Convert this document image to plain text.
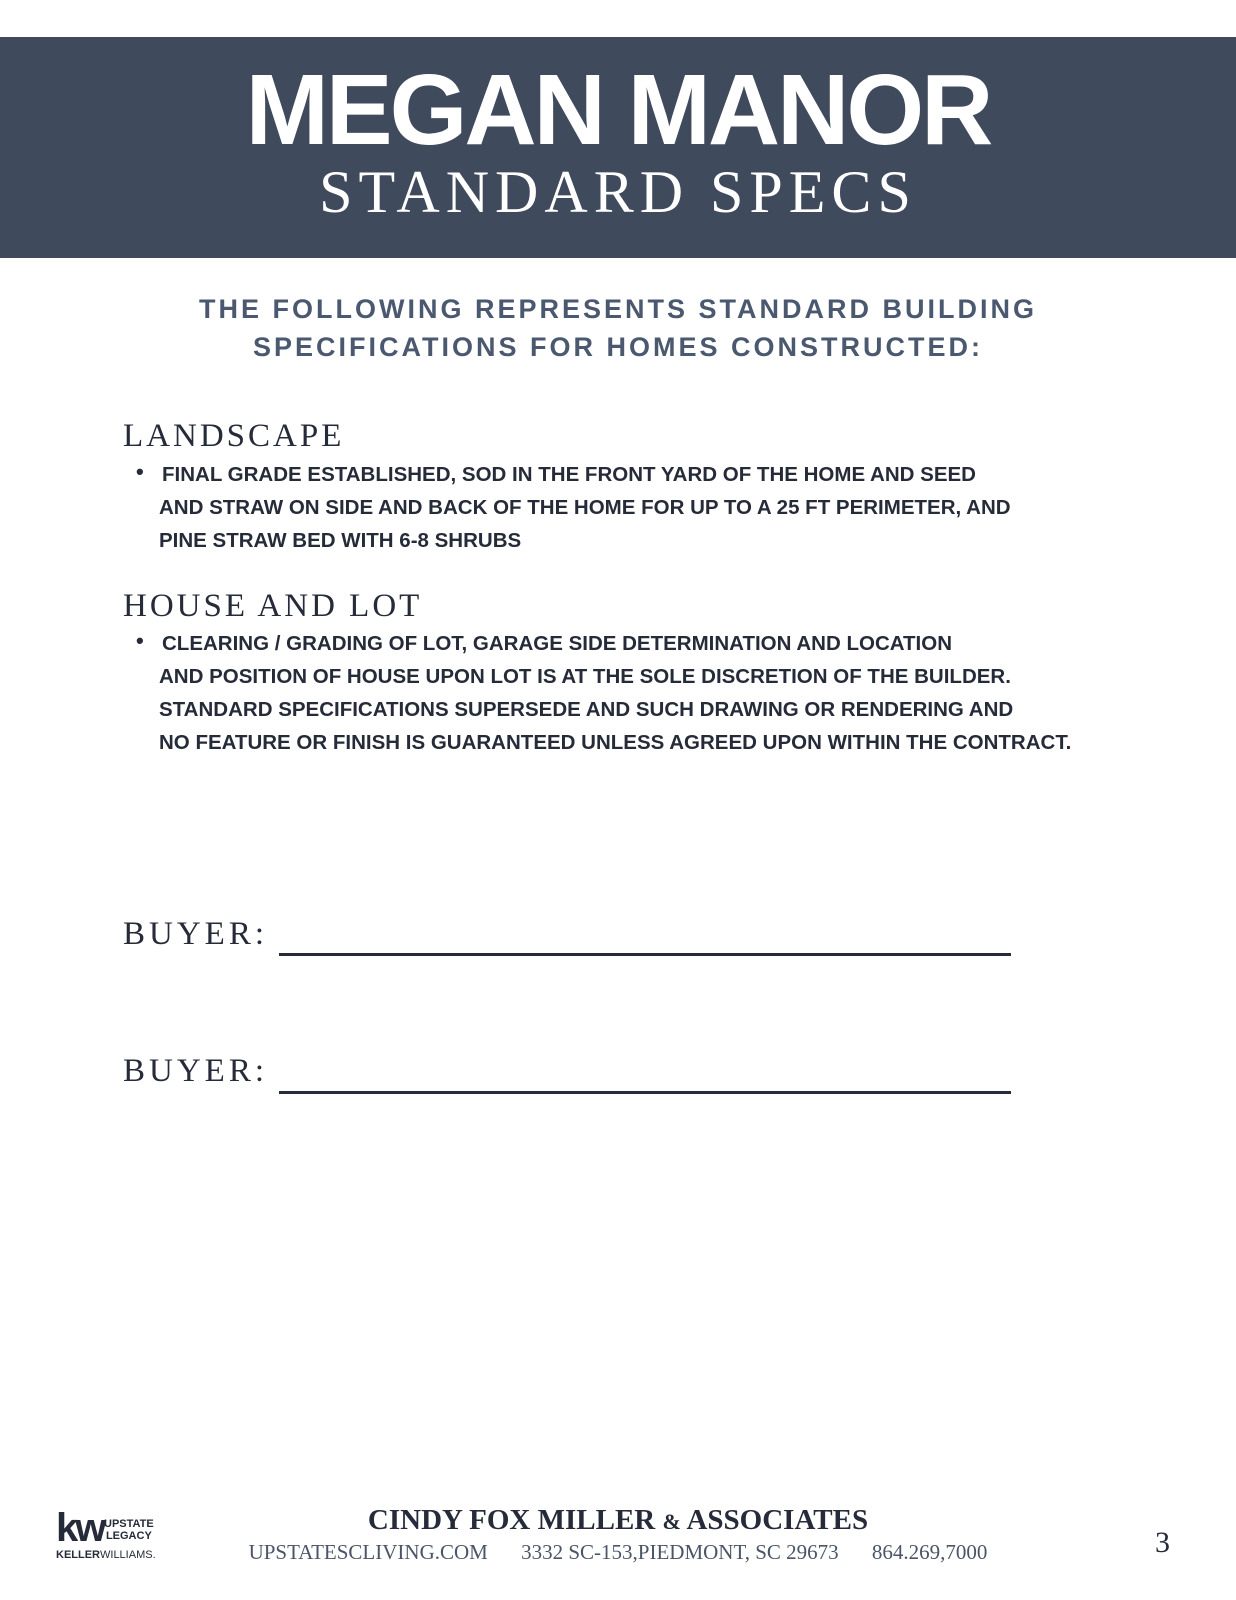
MEGAN MANOR
STANDARD SPECS
THE FOLLOWING REPRESENTS STANDARD BUILDING
SPECIFICATIONS FOR HOMES CONSTRUCTED:
LANDSCAPE
• FINAL GRADE ESTABLISHED, SOD IN THE FRONT YARD OF THE HOME AND SEED
AND STRAW ON SIDE AND BACK OF THE HOME FOR UP TO A 25 FT PERIMETER, AND
PINE STRAW BED WITH 6-8 SHRUBS
HOUSE AND LOT
• CLEARING / GRADING OF LOT, GARAGE SIDE DETERMINATION AND LOCATION
AND POSITION OF HOUSE UPON LOT IS AT THE SOLE DISCRETION OF THE BUILDER.
STANDARD SPECIFICATIONS SUPERSEDE AND SUCH DRAWING OR RENDERING AND
NO FEATURE OR FINISH IS GUARANTEED UNLESS AGREED UPON WITHIN THE CONTRACT.
BUYER:
BUYER:
kw UPSTATE
LEGACY
KELLERWILLIAMS.
CINDY FOX MILLER & ASSOCIATES
UPSTATESCLIVING.COM 3332 SC-153,PIEDMONT, SC 29673 864.269,7000	3
